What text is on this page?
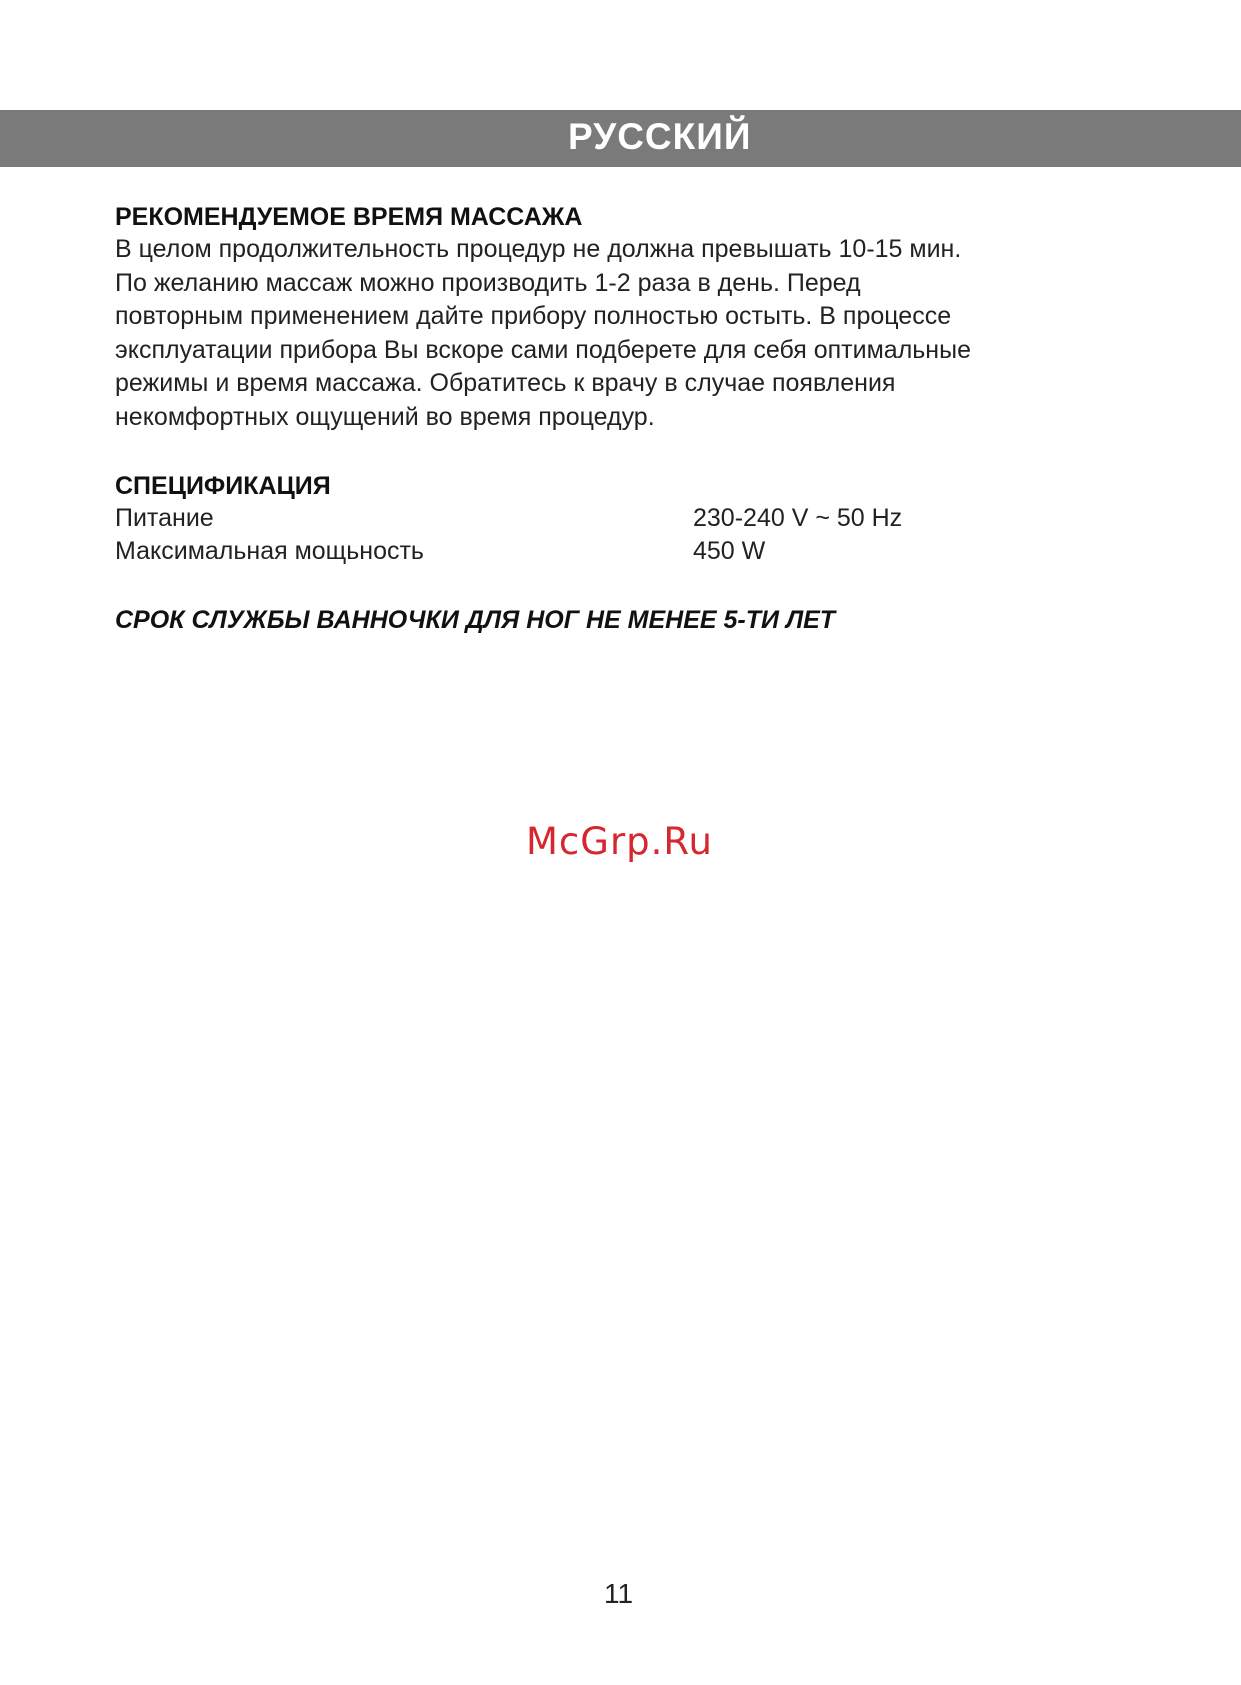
РУССКИЙ
РЕКОМЕНДУЕМОЕ ВРЕМЯ МАССАЖА

В целом продолжительность процедур не должна превышать 10-15 мин.
По желанию массаж можно производить 1-2 раза в день. Перед
повторным применением дайте прибору полностью остыть. В процессе
эксплуатации прибора Вы вскоре сами подберете для себя оптимальные
режимы и время массажа. Обратитесь к врачу в случае появления
некомфортных ощущений во время процедур.

СПЕЦИФИКАЦИЯ
Питание	230-240 V ~ 50 Hz
Максимальная мощьность	450 W
СРОК СЛУЖБЫ ВАННОЧКИ ДЛЯ НОГ НЕ МЕНЕЕ 5-ТИ ЛЕТ
McGrp.Ru
11
